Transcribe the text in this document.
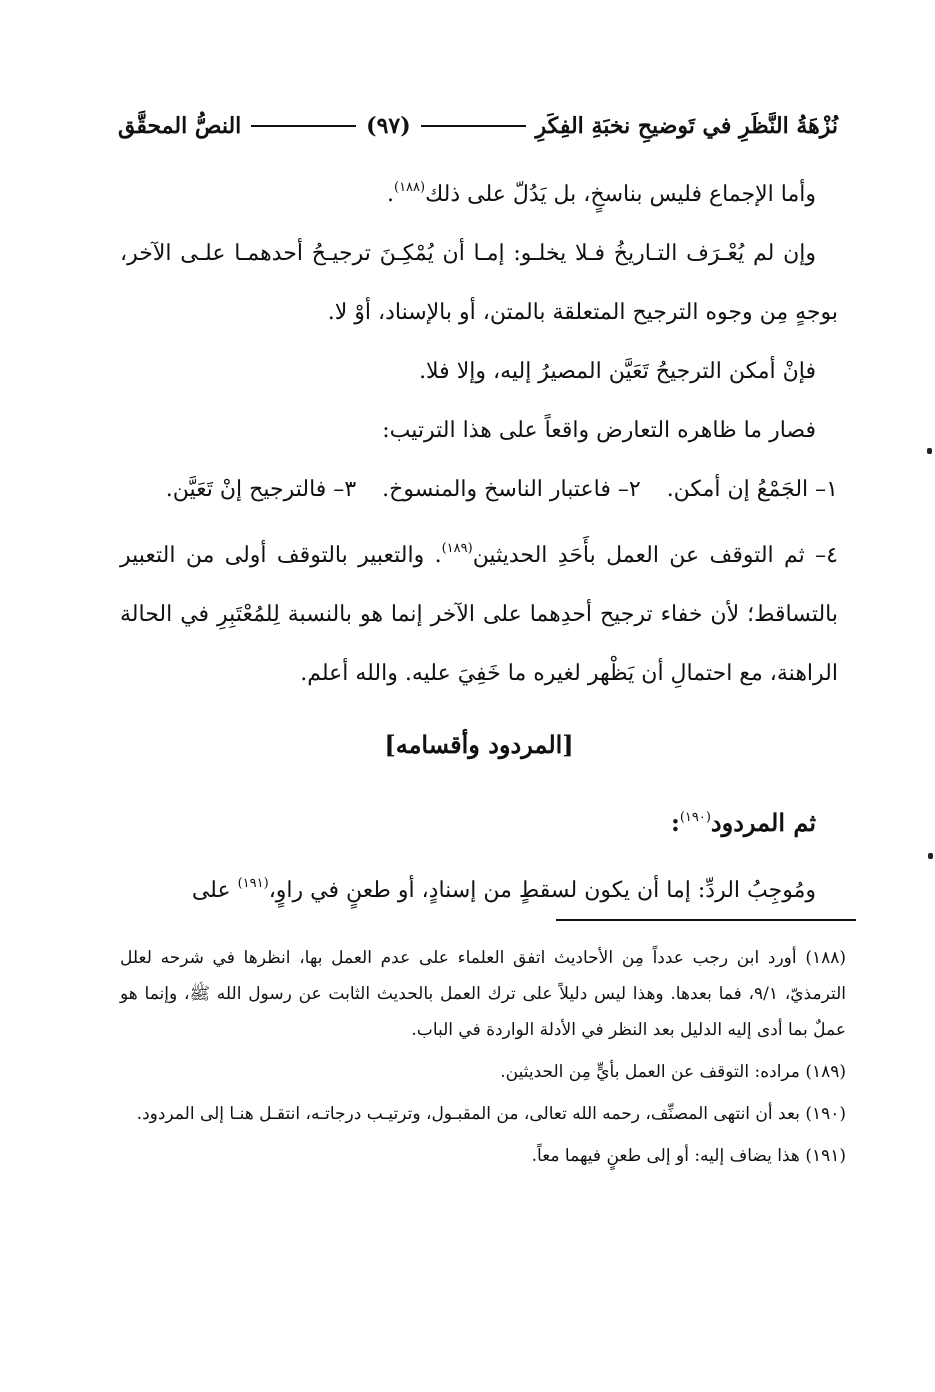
نُزْهَةُ النَّظَرِ في تَوضيحِ نخبَةِ الفِكَرِ
(٩٧)
النصُّ المحقَّق

وأما الإجماع فليس بناسخٍ، بل يَدُلّ على ذلك$^{(١٨٨)}$.

وإن لم يُعْـرَف التـاريخُ فـلا يخلـو: إمـا أن يُمْكِـنَ ترجيـحُ أحدهمـا علـى الآخر، بوجهٍ مِن وجوه الترجيح المتعلقة بالمتن، أو بالإسناد، أوْ لا.

فإنْ أمكن الترجيحُ تَعَيَّن المصيرُ إليه، وإلا فلا.

فصار ما ظاهره التعارض واقعاً على هذا الترتيب:

١– الجَمْعُ إن أمكن.٢– فاعتبار الناسخ والمنسوخ.٣– فالترجيح إنْ تَعَيَّن.

٤– ثم التوقف عن العمل بأَحَدِ الحديثين$^{(١٨٩)}$. والتعبير بالتوقف أولى من التعبير بالتساقط؛ لأن خفاء ترجيح أحدِهما على الآخر إنما هو بالنسبة لِلمُعْتَبِرِ في الحالة الراهنة، مع احتمالِ أن يَظْهر لغيره ما خَفِيَ عليه. والله أعلم.

[المردود وأقسامه]

ثم المردود$^{(١٩٠)}$:

ومُوجِبُ الردِّ: إما أن يكون لسقطٍ من إسنادٍ، أو طعنٍ في راوٍ،$^{(١٩١)}$ على

(١٨٨) أورد ابن رجب عدداً مِن الأحاديث اتفق العلماء على عدم العمل بها، انظرها في شرحه لعلل الترمذيّ، ٩/١، فما بعدها. وهذا ليس دليلاً على ترك العمل بالحديث الثابت عن رسول الله ﷺ، وإنما هو عملٌ بما أدى إليه الدليل بعد النظر في الأدلة الواردة في الباب.

(١٨٩) مراده: التوقف عن العمل بأيٍّ مِن الحديثين.

(١٩٠) بعد أن انتهى المصنِّف، رحمه الله تعالى، من المقبـول، وترتيـب درجاتـه، انتقـل هنـا إلى المردود.

(١٩١) هذا يضاف إليه: أو إلى طعنٍ فيهما معاً.
